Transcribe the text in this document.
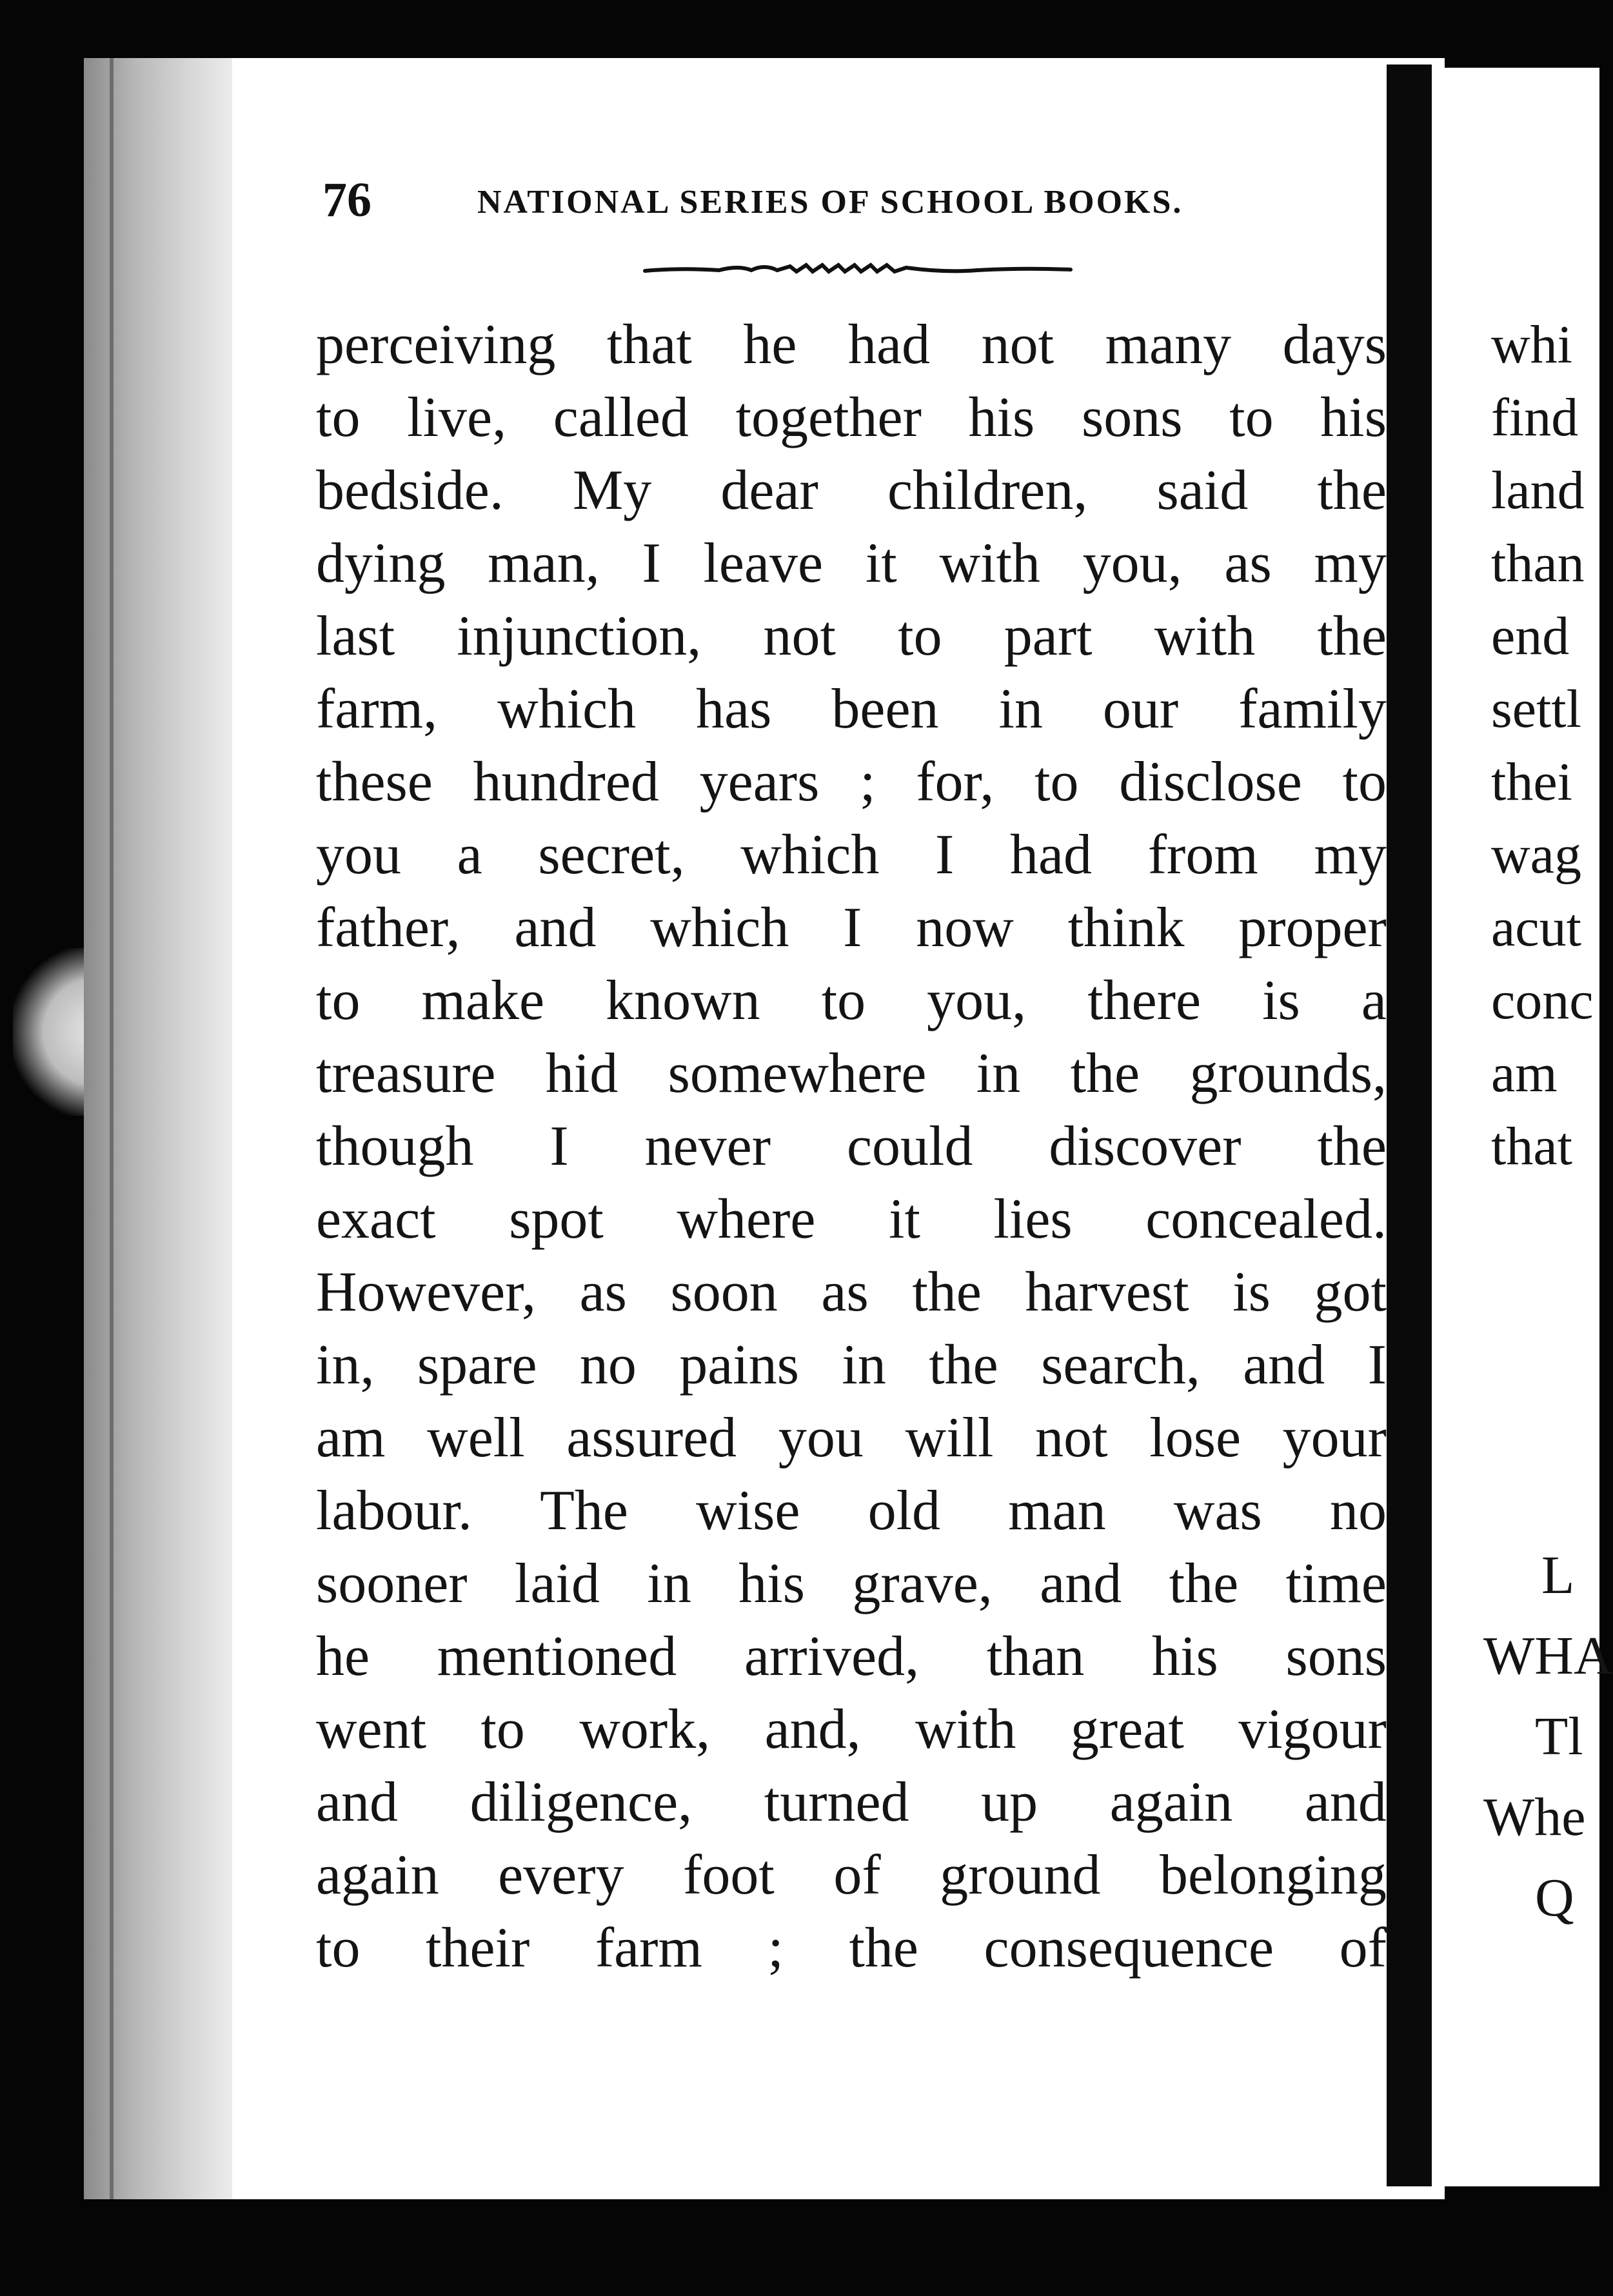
76	NATIONAL SERIES OF SCHOOL BOOKS.
perceiving that he had not many days
to live, called together his sons to his
bedside. My dear children, said the
dying man, I leave it with you, as my
last injunction, not to part with the
farm, which has been in our family
these hundred years ; for, to disclose to
you a secret, which I had from my
father, and which I now think proper
to make known to you, there is a
treasure hid somewhere in the grounds,
though I never could discover the
exact spot where it lies concealed.
However, as soon as the harvest is got
in, spare no pains in the search, and I
am well assured you will not lose your
labour. The wise old man was no
sooner laid in his grave, and the time
he mentioned arrived, than his sons
went to work, and, with great vigour
and diligence, turned up again and
again every foot of ground belonging
to their farm ; the consequence of
whi
find
land
than
end
settl
thei
wag
acut
conc
am
that
L
WHA
Tl
Whe
Q
